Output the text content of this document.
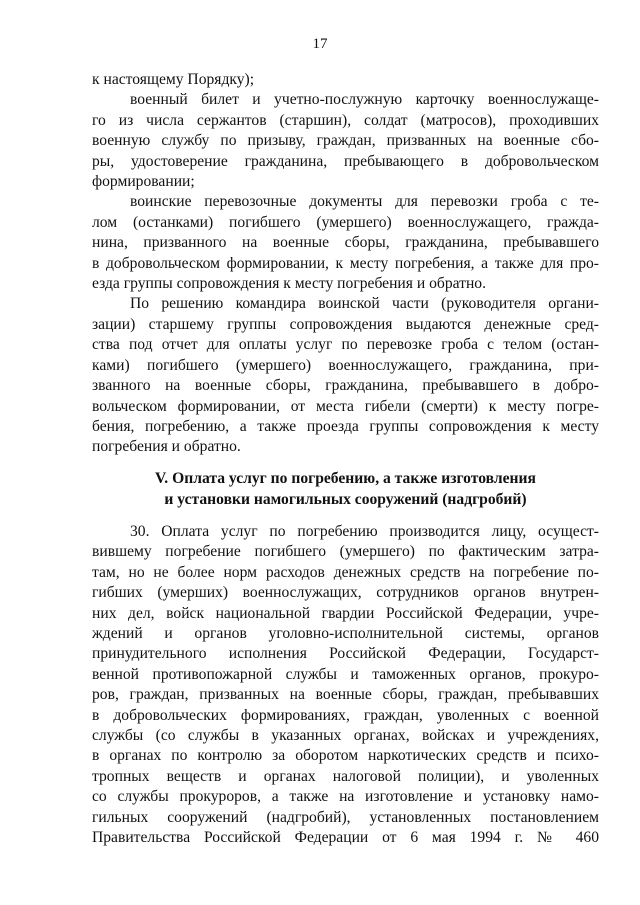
17
к настоящему Порядку);
военный билет и учетно-послужную карточку военнослужаще-
го из числа сержантов (старшин), солдат (матросов), проходивших
военную службу по призыву, граждан, призванных на военные сбо-
ры, удостоверение гражданина, пребывающего в добровольческом
формировании;
воинские перевозочные документы для перевозки гроба с те-
лом (останками) погибшего (умершего) военнослужащего, гражда-
нина, призванного на военные сборы, гражданина, пребывавшего
в добровольческом формировании, к месту погребения, а также для про-
езда группы сопровождения к месту погребения и обратно.
По решению командира воинской части (руководителя органи-
зации) старшему группы сопровождения выдаются денежные сред-
ства под отчет для оплаты услуг по перевозке гроба с телом (остан-
ками) погибшего (умершего) военнослужащего, гражданина, при-
званного на военные сборы, гражданина, пребывавшего в добро-
вольческом формировании, от места гибели (смерти) к месту погре-
бения, погребению, а также проезда группы сопровождения к месту
погребения и обратно.
V. Оплата услуг по погребению, а также изготовления
и установки намогильных сооружений (надгробий)
30. Оплата услуг по погребению производится лицу, осущест-
вившему погребение погибшего (умершего) по фактическим затра-
там, но не более норм расходов денежных средств на погребение по-
гибших (умерших) военнослужащих, сотрудников органов внутрен-
них дел, войск национальной гвардии Российской Федерации, учре-
ждений и органов уголовно-исполнительной системы, органов
принудительного исполнения Российской Федерации, Государст-
венной противопожарной службы и таможенных органов, прокуро-
ров, граждан, призванных на военные сборы, граждан, пребывавших
в добровольческих формированиях, граждан, уволенных с военной
службы (со службы в указанных органах, войсках и учреждениях,
в органах по контролю за оборотом наркотических средств и психо-
тропных веществ и органах налоговой полиции), и уволенных
со службы прокуроров, а также на изготовление и установку намо-
гильных сооружений (надгробий), установленных постановлением
Правительства Российской Федерации от 6 мая 1994 г. № 460
